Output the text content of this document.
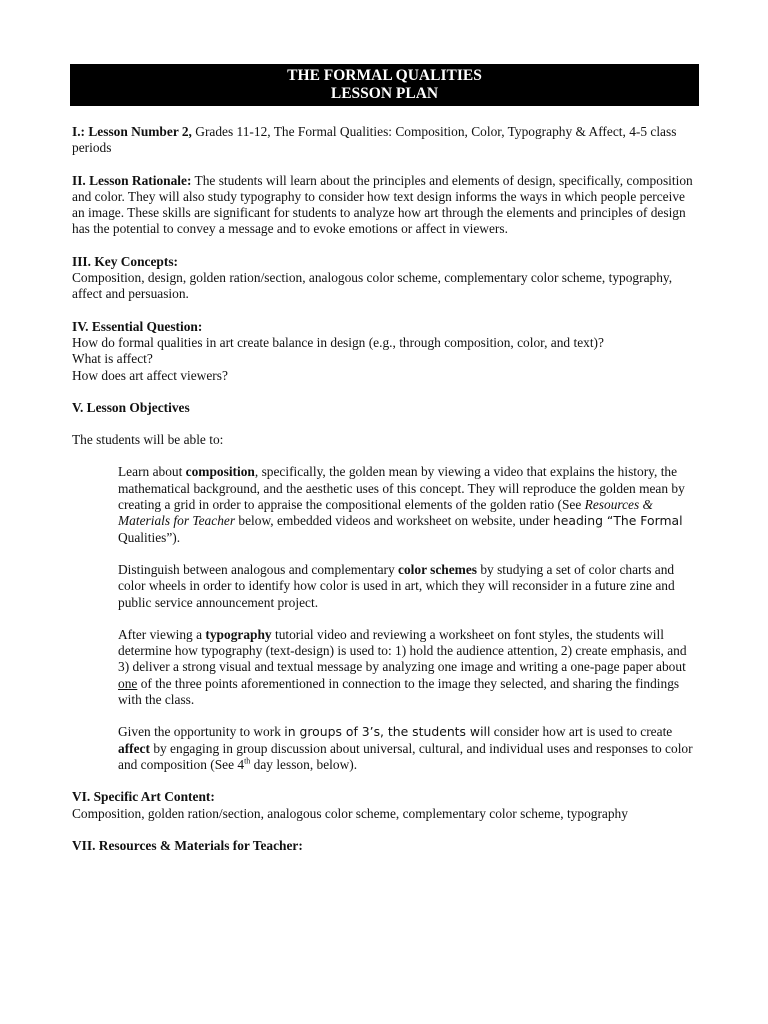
THE FORMAL QUALITIES
LESSON PLAN

I.: Lesson Number 2, Grades 11-12, The Formal Qualities: Composition, Color, Typography & Affect, 4-5 class periods

II. Lesson Rationale: The students will learn about the principles and elements of design, specifically, composition and color. They will also study typography to consider how text design informs the ways in which people perceive an image. These skills are significant for students to analyze how art through the elements and principles of design has the potential to convey a message and to evoke emotions or affect in viewers.

III. Key Concepts:

Composition, design, golden ration/section, analogous color scheme, complementary color scheme, typography, affect and persuasion.

IV. Essential Question:

How do formal qualities in art create balance in design (e.g., through composition, color, and text)?

What is affect?

How does art affect viewers?

V. Lesson Objectives

The students will be able to:

Learn about composition, specifically, the golden mean by viewing a video that explains the history, the mathematical background, and the aesthetic uses of this concept. They will reproduce the golden mean by creating a grid in order to appraise the compositional elements of the golden ratio (See Resources & Materials for Teacher below, embedded videos and worksheet on website, under heading “The Formal Qualities”).

Distinguish between analogous and complementary color schemes by studying a set of color charts and color wheels in order to identify how color is used in art, which they will reconsider in a future zine and public service announcement project.

After viewing a typography tutorial video and reviewing a worksheet on font styles, the students will determine how typography (text-design) is used to: 1) hold the audience attention, 2) create emphasis, and 3) deliver a strong visual and textual message by analyzing one image and writing a one-page paper about one of the three points aforementioned in connection to the image they selected, and sharing the findings with the class.

Given the opportunity to work in groups of 3’s, the students will consider how art is used to create affect by engaging in group discussion about universal, cultural, and individual uses and responses to color and composition (See 4th day lesson, below).

VI. Specific Art Content:

Composition, golden ration/section, analogous color scheme, complementary color scheme, typography

VII. Resources & Materials for Teacher:
